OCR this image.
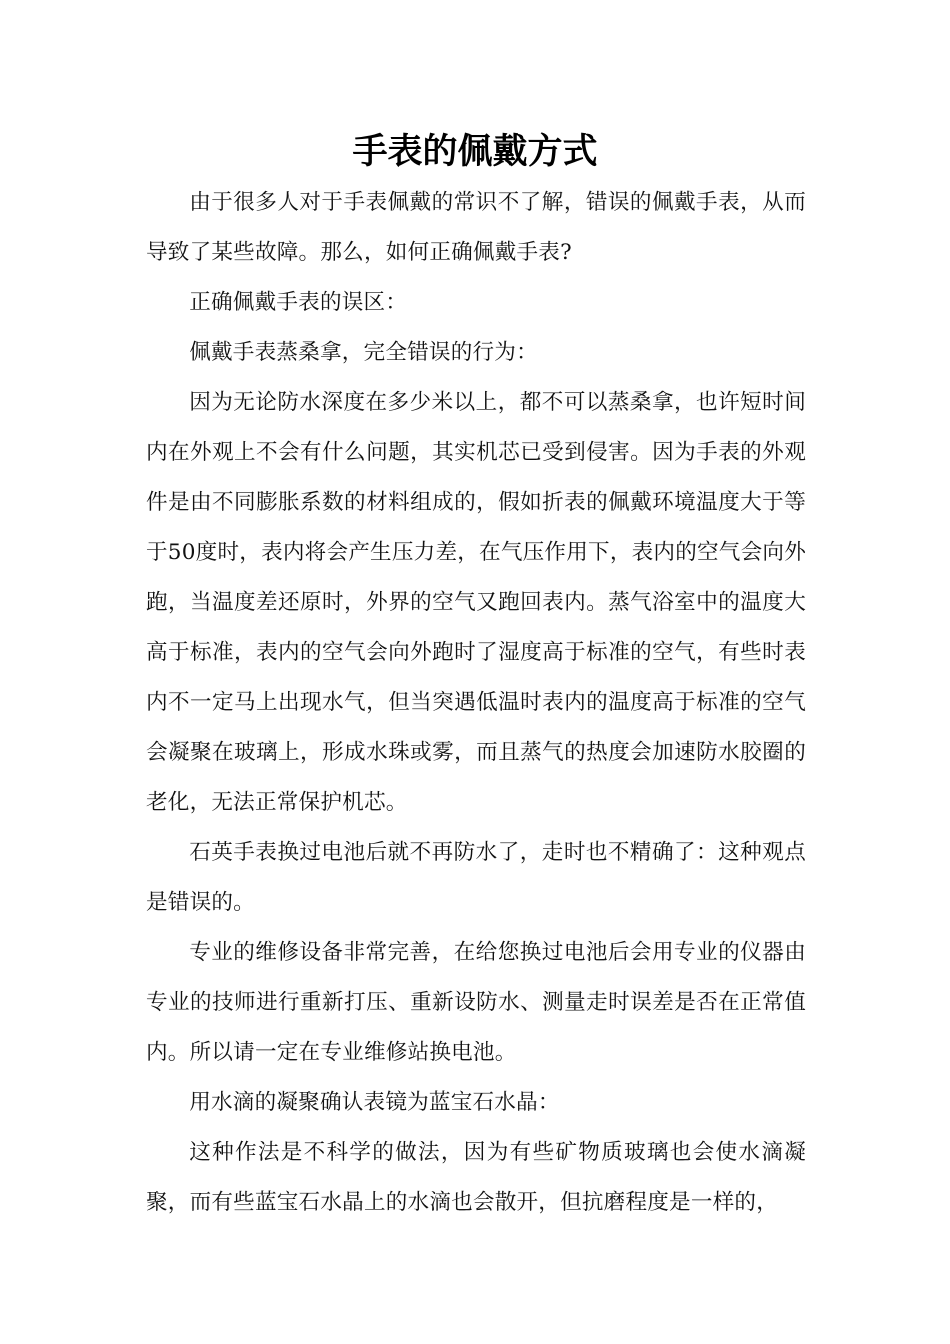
手表的佩戴方式

由于很多人对于手表佩戴的常识不了解，错误的佩戴手表，从而导致了某些故障。那么，如何正确佩戴手表?

正确佩戴手表的误区：

佩戴手表蒸桑拿，完全错误的行为：

因为无论防水深度在多少米以上，都不可以蒸桑拿，也许短时间内在外观上不会有什么问题，其实机芯已受到侵害。因为手表的外观件是由不同膨胀系数的材料组成的，假如折表的佩戴环境温度大于等于50度时，表内将会产生压力差，在气压作用下，表内的空气会向外跑，当温度差还原时，外界的空气又跑回表内。蒸气浴室中的温度大高于标准，表内的空气会向外跑时了湿度高于标准的空气，有些时表内不一定马上出现水气，但当突遇低温时表内的温度高于标准的空气会凝聚在玻璃上，形成水珠或雾，而且蒸气的热度会加速防水胶圈的老化，无法正常保护机芯。

石英手表换过电池后就不再防水了，走时也不精确了：这种观点是错误的。

专业的维修设备非常完善，在给您换过电池后会用专业的仪器由专业的技师进行重新打压、重新设防水、测量走时误差是否在正常值内。所以请一定在专业维修站换电池。

用水滴的凝聚确认表镜为蓝宝石水晶：

这种作法是不科学的做法，因为有些矿物质玻璃也会使水滴凝聚，而有些蓝宝石水晶上的水滴也会散开，但抗磨程度是一样的，
